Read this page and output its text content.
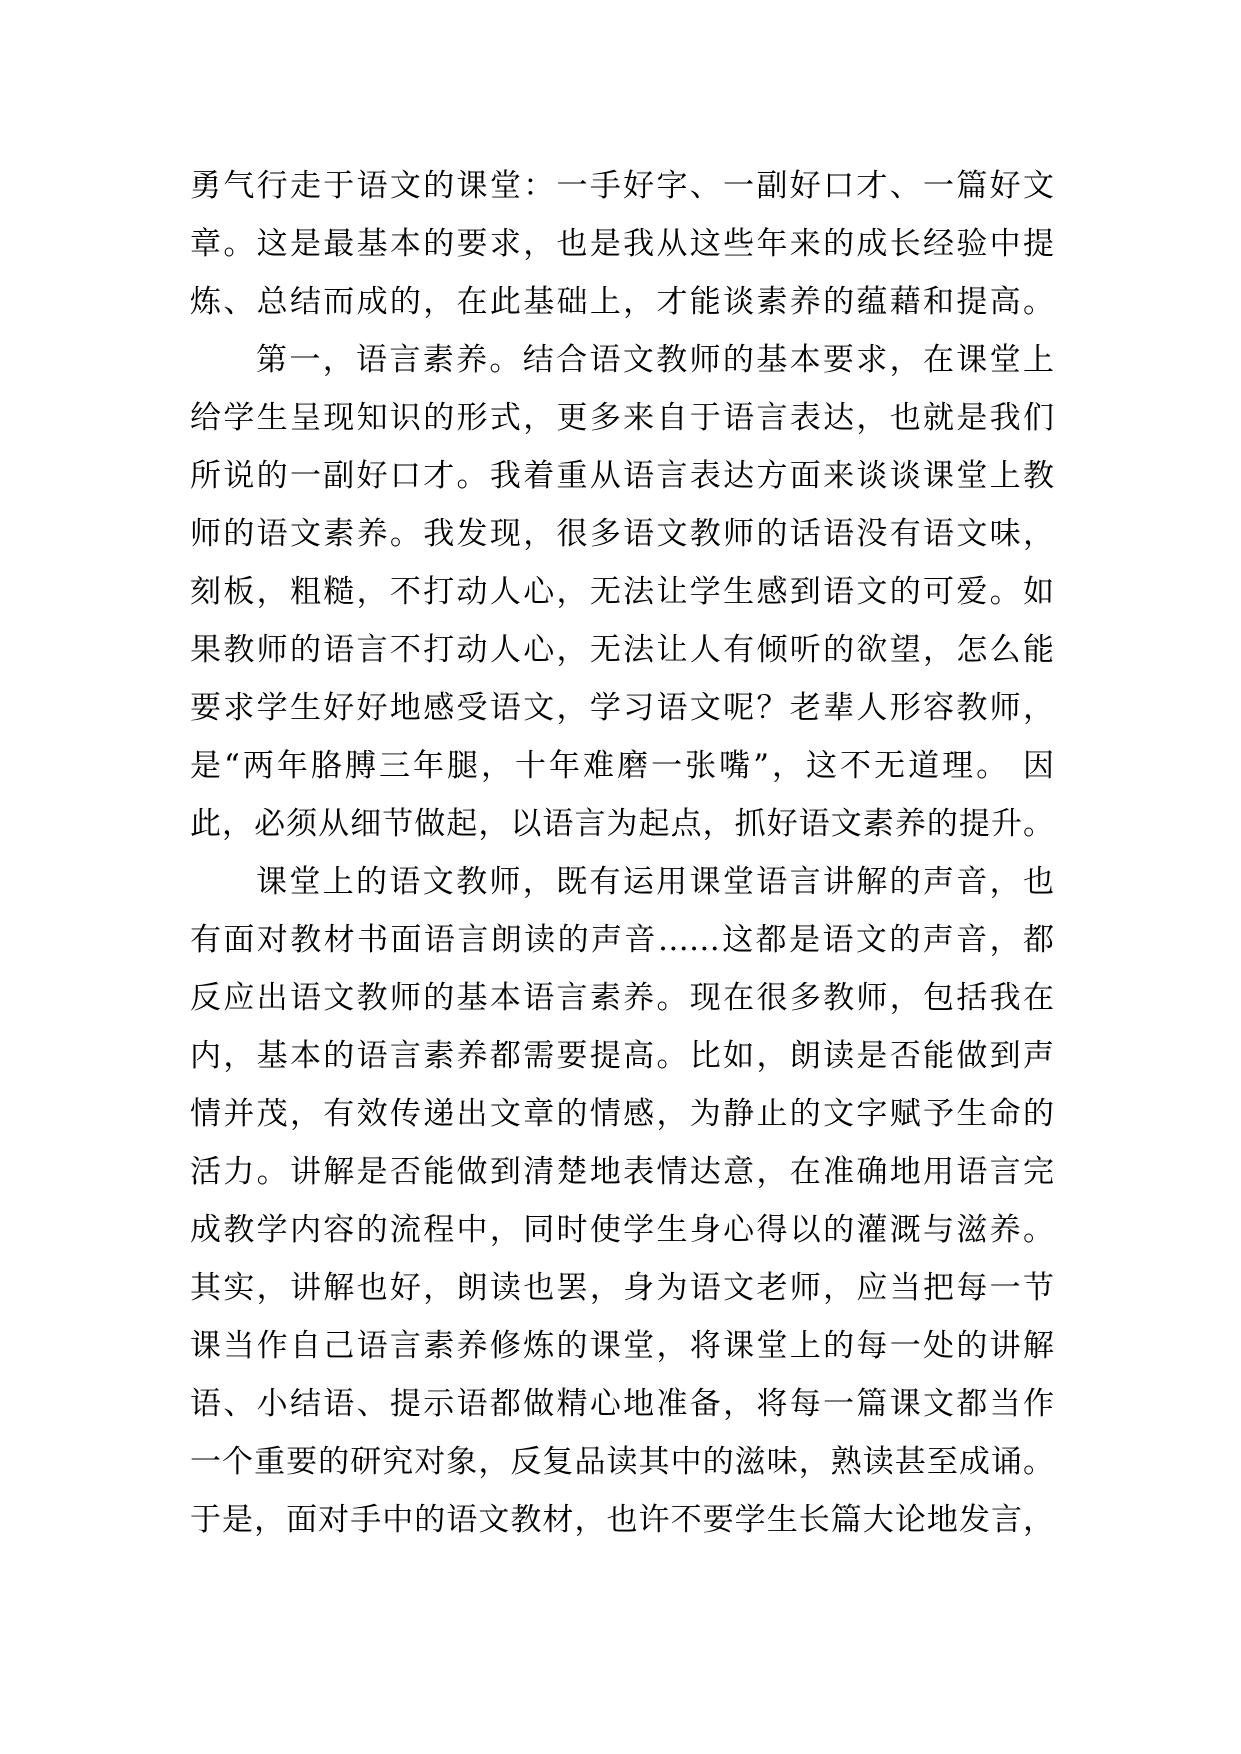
勇气行走于语文的课堂：一手好字、一副好口才、一篇好文
章。这是最基本的要求，也是我从这些年来的成长经验中提
炼、总结而成的，在此基础上，才能谈素养的蕴藉和提高。
第一，语言素养。结合语文教师的基本要求，在课堂上
给学生呈现知识的形式，更多来自于语言表达，也就是我们
所说的一副好口才。我着重从语言表达方面来谈谈课堂上教
师的语文素养。我发现，很多语文教师的话语没有语文味，
刻板，粗糙，不打动人心，无法让学生感到语文的可爱。如
果教师的语言不打动人心，无法让人有倾听的欲望，怎么能
要求学生好好地感受语文，学习语文呢？老辈人形容教师，
是“两年胳膊三年腿，十年难磨一张嘴”，这不无道理。 因
此，必须从细节做起，以语言为起点，抓好语文素养的提升。
课堂上的语文教师，既有运用课堂语言讲解的声音，也
有面对教材书面语言朗读的声音……这都是语文的声音，都
反应出语文教师的基本语言素养。现在很多教师，包括我在
内，基本的语言素养都需要提高。比如，朗读是否能做到声
情并茂，有效传递出文章的情感，为静止的文字赋予生命的
活力。讲解是否能做到清楚地表情达意，在准确地用语言完
成教学内容的流程中，同时使学生身心得以的灌溉与滋养。
其实，讲解也好，朗读也罢，身为语文老师，应当把每一节
课当作自己语言素养修炼的课堂，将课堂上的每一处的讲解
语、小结语、提示语都做精心地准备，将每一篇课文都当作
一个重要的研究对象，反复品读其中的滋味，熟读甚至成诵。
于是，面对手中的语文教材，也许不要学生长篇大论地发言，
